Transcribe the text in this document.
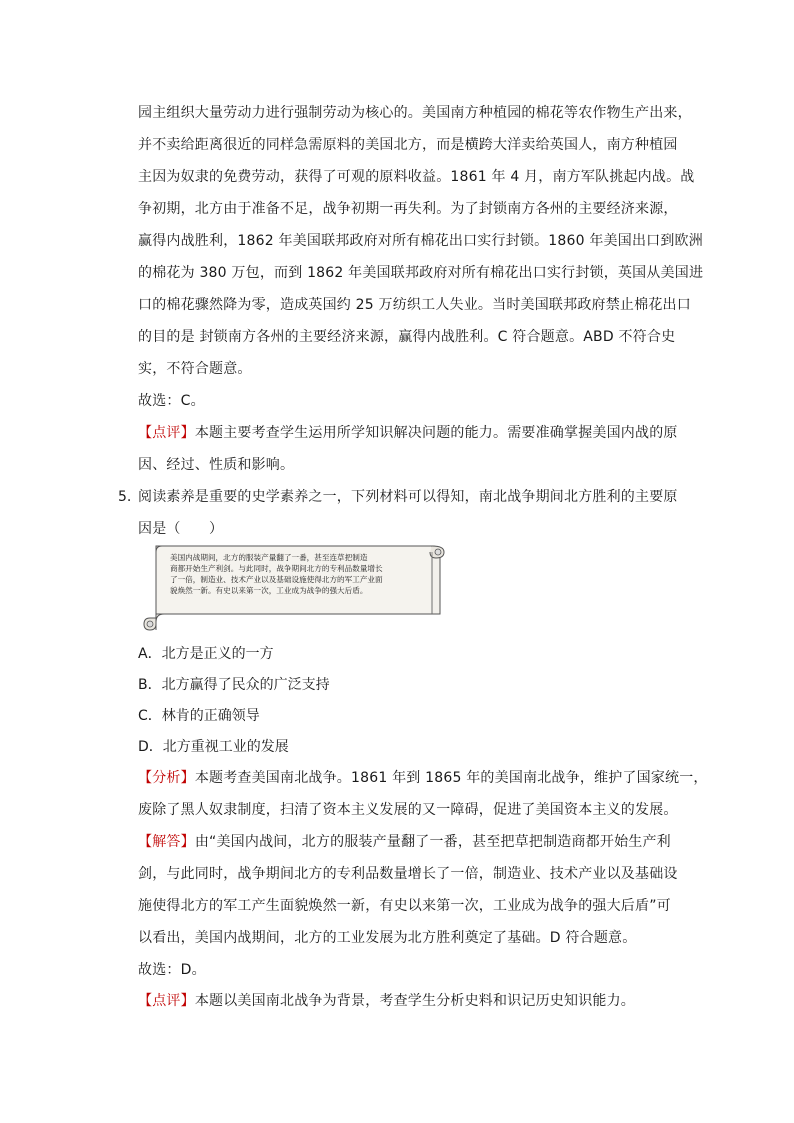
园主组织大量劳动力进行强制劳动为核心的。美国南方种植园的棉花等农作物生产出来，
并不卖给距离很近的同样急需原料的美国北方，而是横跨大洋卖给英国人，南方种植园
主因为奴隶的免费劳动，获得了可观的原料收益。1861 年 4 月，南方军队挑起内战。战
争初期，北方由于准备不足，战争初期一再失利。为了封锁南方各州的主要经济来源，
赢得内战胜利，1862 年美国联邦政府对所有棉花出口实行封锁。1860 年美国出口到欧洲
的棉花为 380 万包，而到 1862 年美国联邦政府对所有棉花出口实行封锁，英国从美国进
口的棉花骤然降为零，造成英国约 25 万纺织工人失业。当时美国联邦政府禁止棉花出口
的目的是 封锁南方各州的主要经济来源，赢得内战胜利。C 符合题意。ABD 不符合史
实，不符合题意。
故选：C。
【点评】本题主要考查学生运用所学知识解决问题的能力。需要准确掌握美国内战的原
因、经过、性质和影响。
5. 阅读素养是重要的史学素养之一，下列材料可以得知，南北战争期间北方胜利的主要原
因是（　　）
美国内战期间，北方的服装产量翻了一番，甚至连草把制造
商都开始生产利剑。与此同时，战争期间北方的专利品数量增长
了一倍，制造业、技术产业以及基础设施使得北方的军工产业面
貌焕然一新。有史以来第一次，工业成为战争的强大后盾。
A．北方是正义的一方
B．北方赢得了民众的广泛支持
C．林肯的正确领导
D．北方重视工业的发展
【分析】本题考查美国南北战争。1861 年到 1865 年的美国南北战争，维护了国家统一，
废除了黑人奴隶制度，扫清了资本主义发展的又一障碍，促进了美国资本主义的发展。
【解答】由“美国内战间，北方的服装产量翻了一番，甚至把草把制造商都开始生产利
剑，与此同时，战争期间北方的专利品数量增长了一倍，制造业、技术产业以及基础设
施使得北方的军工产生面貌焕然一新，有史以来第一次，工业成为战争的强大后盾”可
以看出，美国内战期间，北方的工业发展为北方胜利奠定了基础。D 符合题意。
故选：D。
【点评】本题以美国南北战争为背景，考查学生分析史料和识记历史知识能力。
